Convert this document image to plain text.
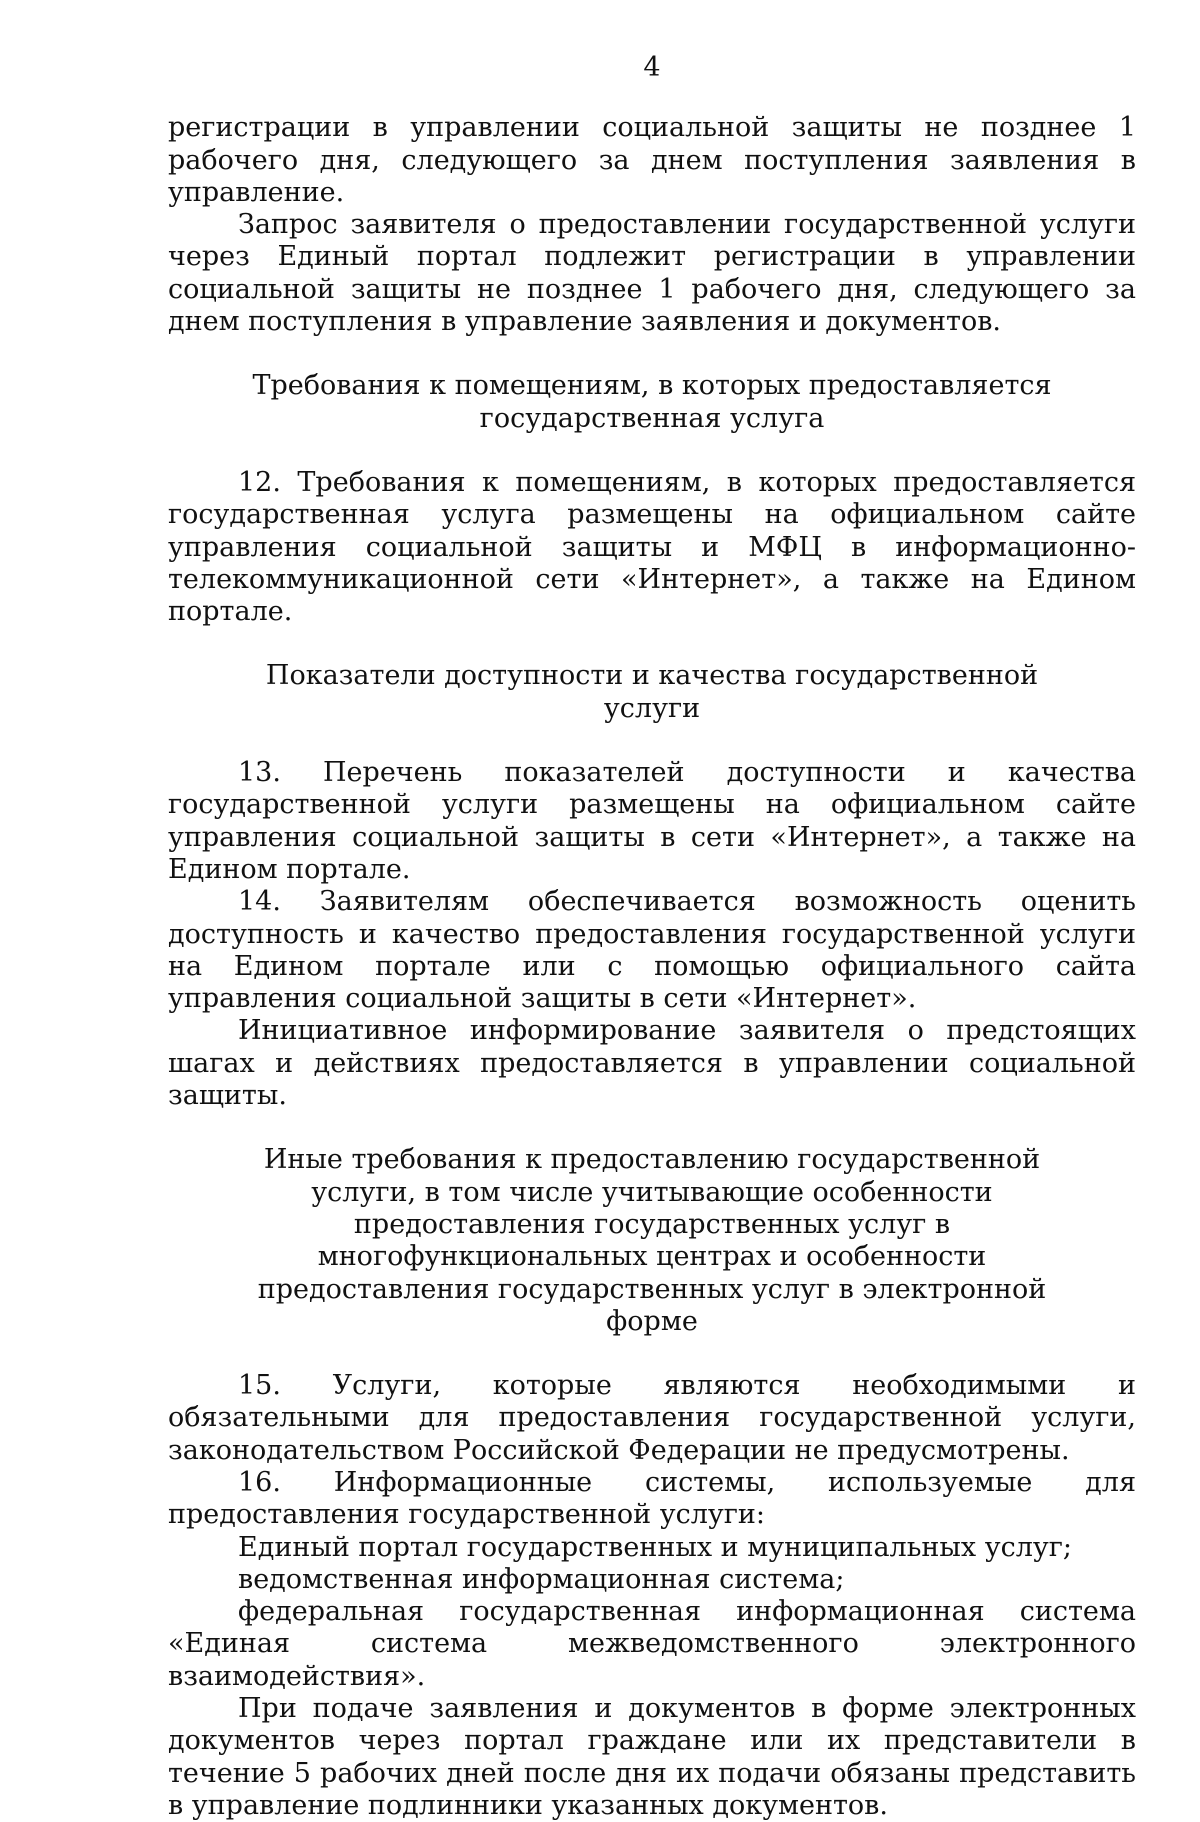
4

регистрации в управлении социальной защиты не позднее 1 рабочего дня, следующего за днем поступления заявления в управление.

Запрос заявителя о предоставлении государственной услуги через Единый портал подлежит регистрации в управлении социальной защиты не позднее 1 рабочего дня, следующего за днем поступления в управление заявления и документов.

Требования к помещениям, в которых предоставляется государственная услуга

12. Требования к помещениям, в которых предоставляется государственная услуга размещены на официальном сайте управления социальной защиты и МФЦ в информационно-телекоммуникационной сети «Интернет», а также на Едином портале.

Показатели доступности и качества государственной услуги

13. Перечень показателей доступности и качества государственной услуги размещены на официальном сайте управления социальной защиты в сети «Интернет», а также на Едином портале.

14. Заявителям обеспечивается возможность оценить доступность и качество предоставления государственной услуги на Едином портале или с помощью официального сайта управления социальной защиты в сети «Интернет».

Инициативное информирование заявителя о предстоящих шагах и действиях предоставляется в управлении социальной защиты.

Иные требования к предоставлению государственной услуги, в том числе учитывающие особенности предоставления государственных услуг в многофункциональных центрах и особенности предоставления государственных услуг в электронной форме

15. Услуги, которые являются необходимыми и обязательными для предоставления государственной услуги, законодательством Российской Федерации не предусмотрены.

16. Информационные системы, используемые для предоставления государственной услуги:

Единый портал государственных и муниципальных услуг;

ведомственная информационная система;

федеральная государственная информационная система «Единая система межведомственного электронного взаимодействия».

При подаче заявления и документов в форме электронных документов через портал граждане или их представители в течение 5 рабочих дней после дня их подачи обязаны представить в управление подлинники указанных документов.
